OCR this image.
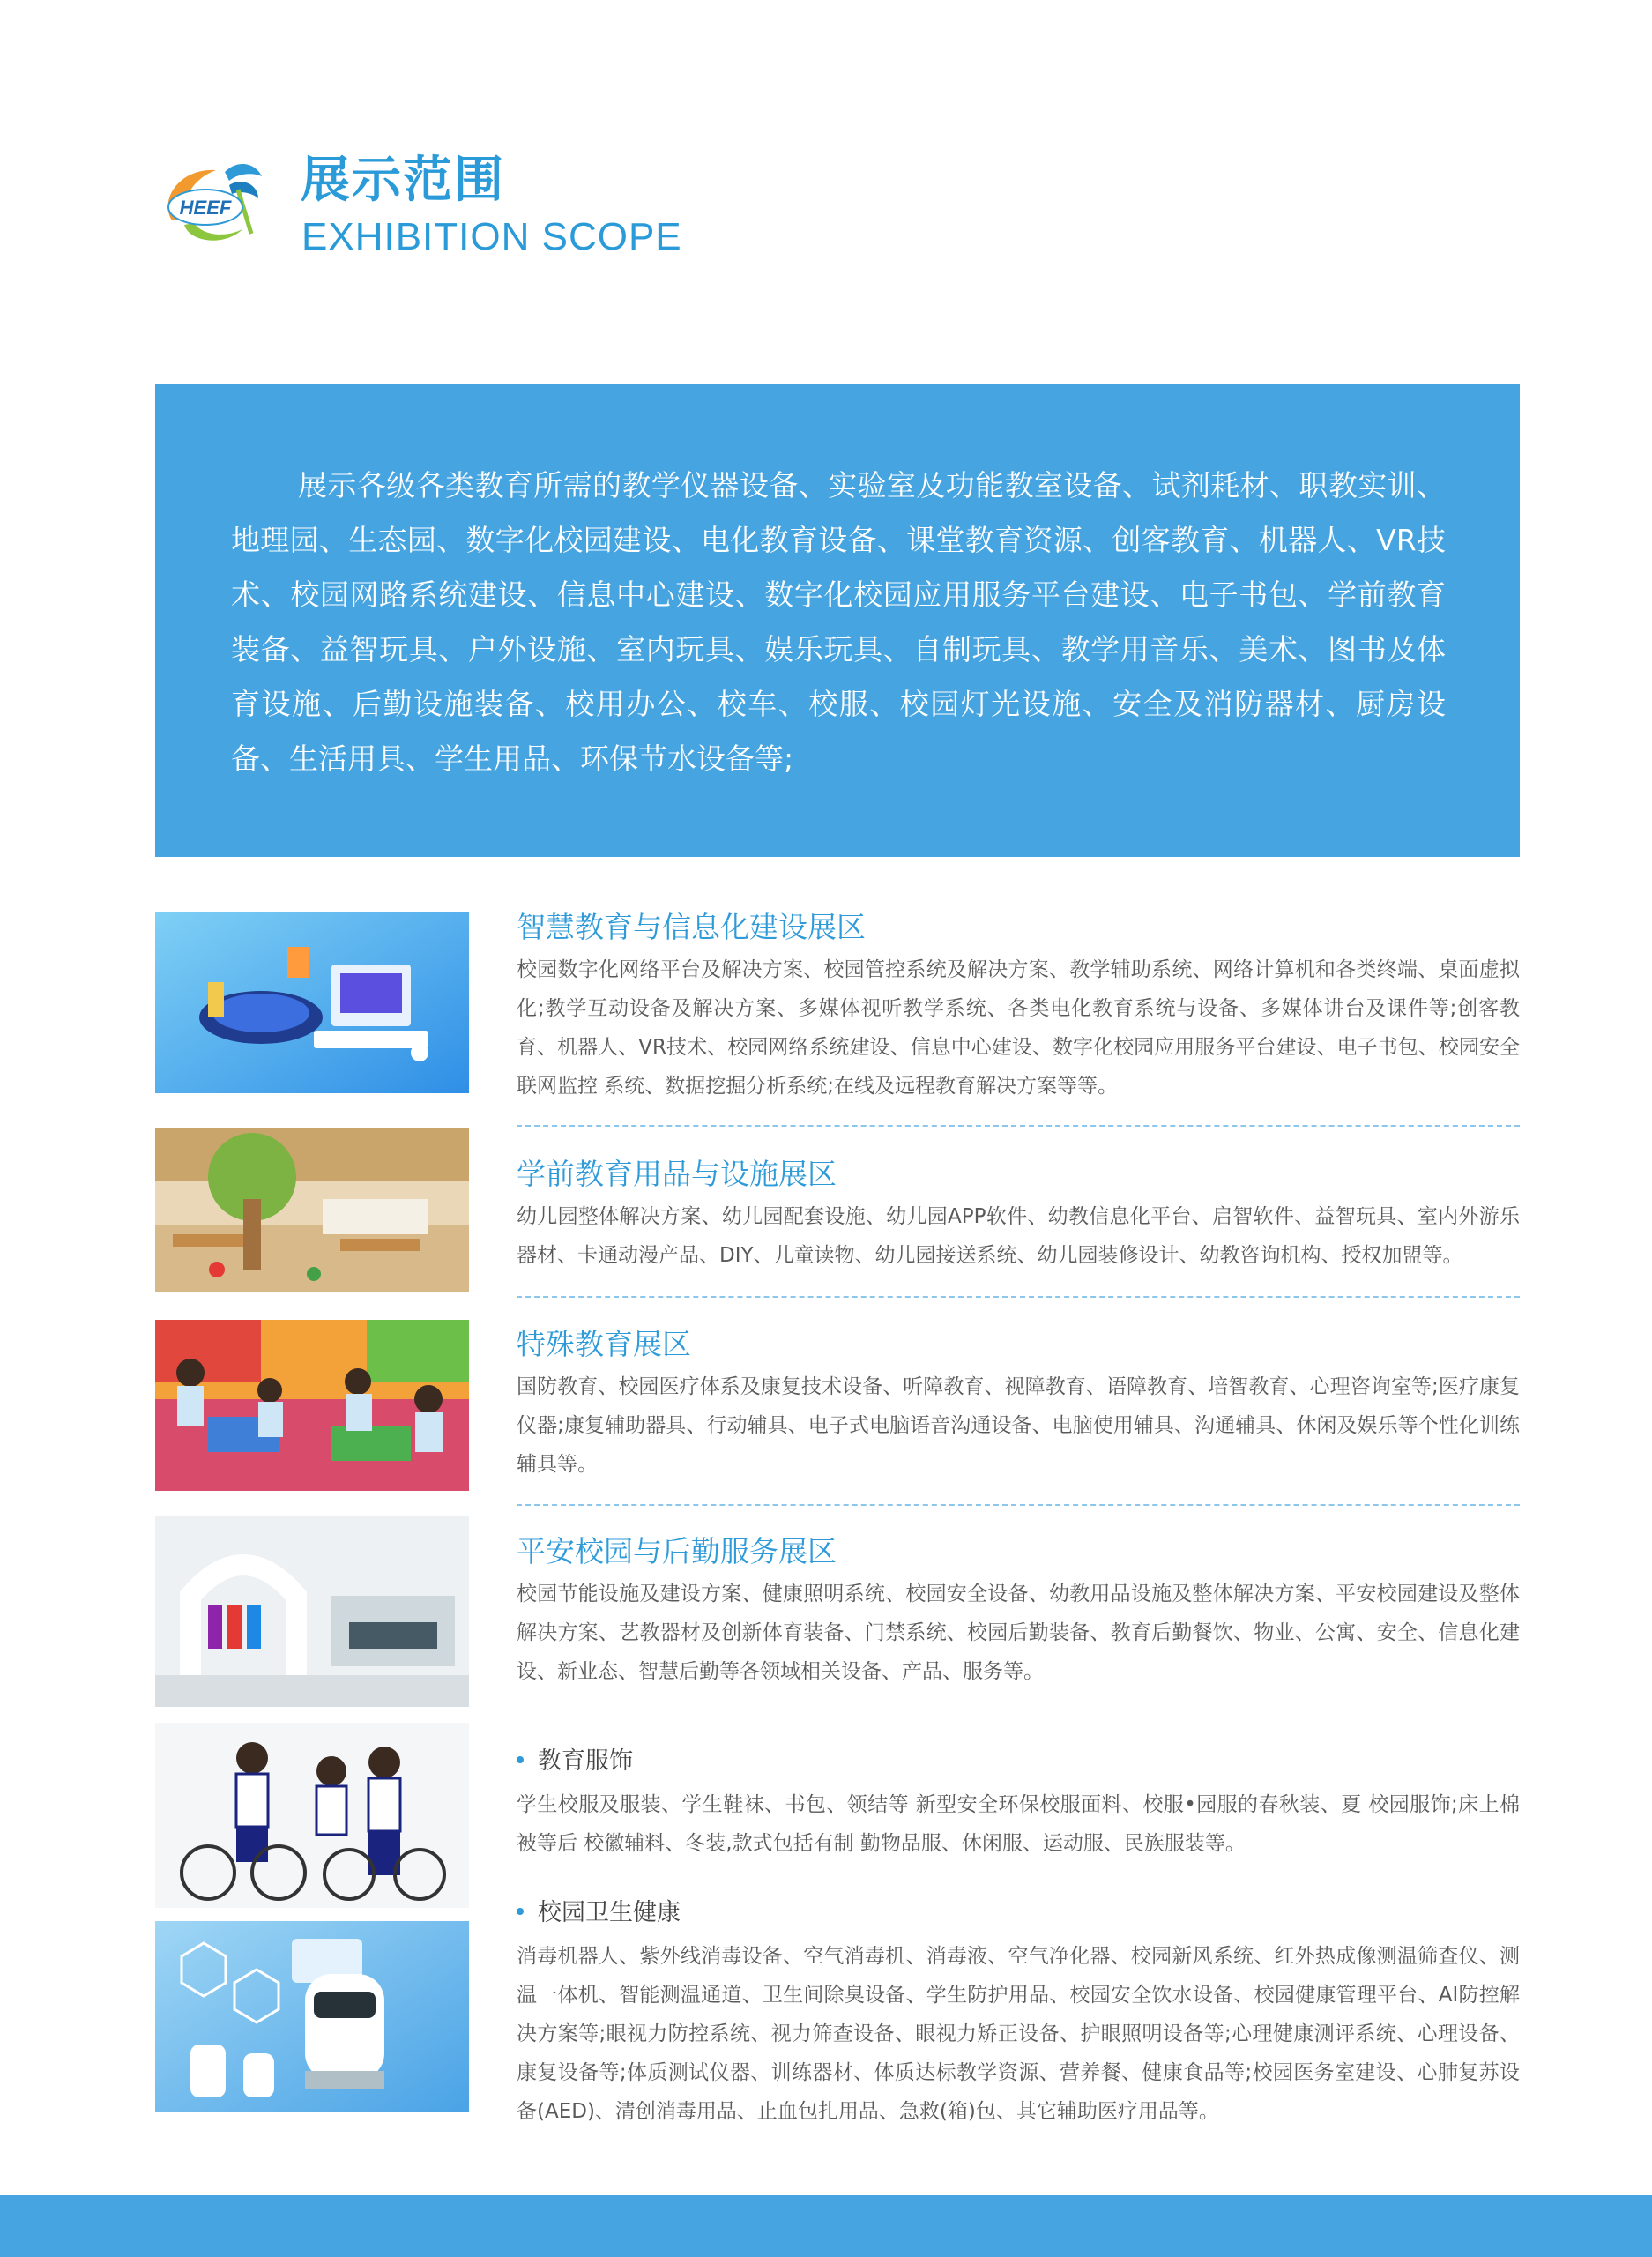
HEEF 展示范围
EXHIBITION SCOPE

展示各级各类教育所需的教学仪器设备、实验室及功能教室设备、试剂耗材、职教实训、地理园、生态园、数字化校园建设、电化教育设备、课堂教育资源、创客教育、机器人、VR技术、校园网路系统建设、信息中心建设、数字化校园应用服务平台建设、电子书包、学前教育装备、益智玩具、户外设施、室内玩具、娱乐玩具、自制玩具、教学用音乐、美术、图书及体育设施、后勤设施装备、校用办公、校车、校服、校园灯光设施、安全及消防器材、厨房设备、生活用具、学生用品、环保节水设备等;

智慧教育与信息化建设展区

校园数字化网络平台及解决方案、校园管控系统及解决方案、教学辅助系统、网络计算机和各类终端、桌面虚拟化;教学互动设备及解决方案、多媒体视听教学系统、各类电化教育系统与设备、多媒体讲台及课件等;创客教育、机器人、VR技术、校园网络系统建设、信息中心建设、数字化校园应用服务平台建设、电子书包、校园安全联网监控 系统、数据挖掘分析系统;在线及远程教育解决方案等等。

学前教育用品与设施展区

幼儿园整体解决方案、幼儿园配套设施、幼儿园APP软件、幼教信息化平台、启智软件、益智玩具、室内外游乐器材、卡通动漫产品、DIY、儿童读物、幼儿园接送系统、幼儿园装修设计、幼教咨询机构、授权加盟等。

特殊教育展区

国防教育、校园医疗体系及康复技术设备、听障教育、视障教育、语障教育、培智教育、心理咨询室等;医疗康复仪器;康复辅助器具、行动辅具、电子式电脑语音沟通设备、电脑使用辅具、沟通辅具、休闲及娱乐等个性化训练辅具等。

平安校园与后勤服务展区

校园节能设施及建设方案、健康照明系统、校园安全设备、幼教用品设施及整体解决方案、平安校园建设及整体解决方案、艺教器材及创新体育装备、门禁系统、校园后勤装备、教育后勤餐饮、物业、公寓、安全、信息化建设、新业态、智慧后勤等各领域相关设备、产品、服务等。

教育服饰

学生校服及服装、学生鞋袜、书包、领结等 新型安全环保校服面料、校服•园服的春秋装、夏 校园服饰;床上棉被等后 校徽辅料、冬装,款式包括有制 勤物品服、休闲服、运动服、民族服装等。

校园卫生健康

消毒机器人、紫外线消毒设备、空气消毒机、消毒液、空气净化器、校园新风系统、红外热成像测温筛查仪、测温一体机、智能测温通道、卫生间除臭设备、学生防护用品、校园安全饮水设备、校园健康管理平台、AI防控解决方案等;眼视力防控系统、视力筛查设备、眼视力矫正设备、护眼照明设备等;心理健康测评系统、心理设备、康复设备等;体质测试仪器、训练器材、体质达标教学资源、营养餐、健康食品等;校园医务室建设、心肺复苏设备(AED)、清创消毒用品、止血包扎用品、急救(箱)包、其它辅助医疗用品等。
